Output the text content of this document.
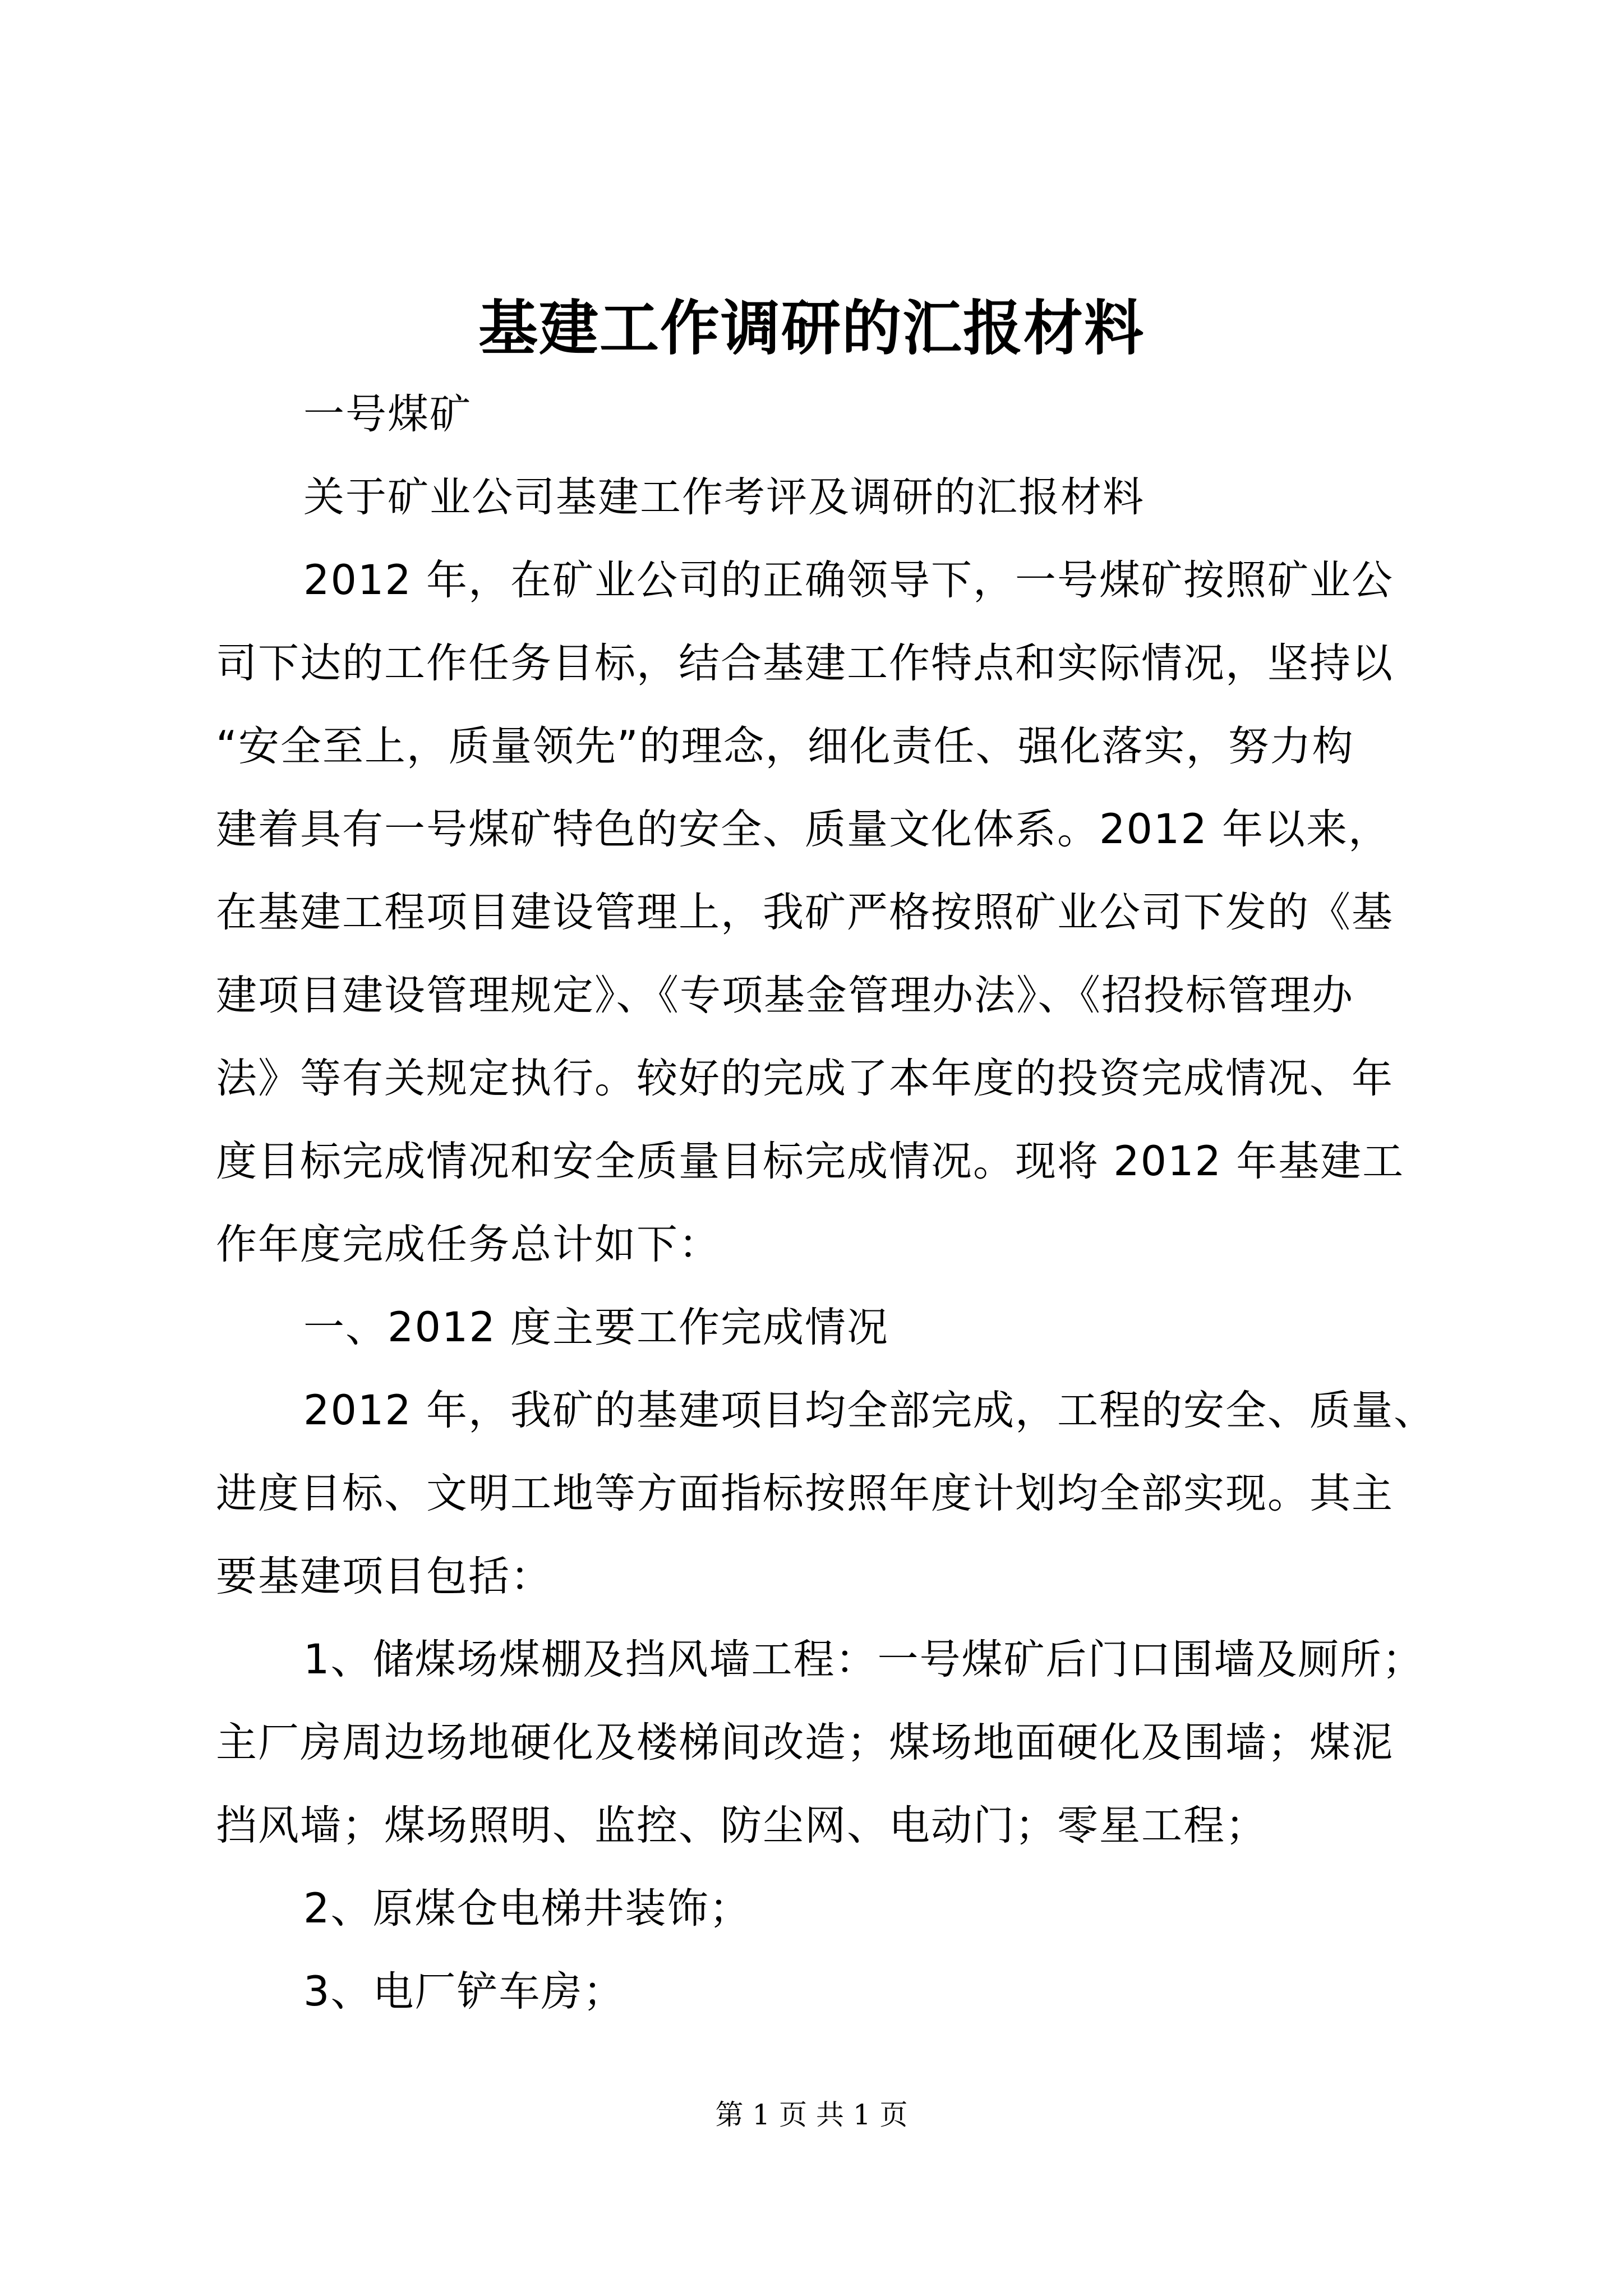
基建工作调研的汇报材料
一号煤矿
关于矿业公司基建工作考评及调研的汇报材料
2012 年，在矿业公司的正确领导下，一号煤矿按照矿业公
司下达的工作任务目标，结合基建工作特点和实际情况，坚持以
“安全至上，质量领先”的理念，细化责任、强化落实，努力构
建着具有一号煤矿特色的安全、质量文化体系。2012 年以来，
在基建工程项目建设管理上，我矿严格按照矿业公司下发的《基
建项目建设管理规定》、《专项基金管理办法》、《招投标管理办
法》等有关规定执行。较好的完成了本年度的投资完成情况、年
度目标完成情况和安全质量目标完成情况。现将 2012 年基建工
作年度完成任务总计如下：
一、2012 度主要工作完成情况
2012 年，我矿的基建项目均全部完成，工程的安全、质量、
进度目标、文明工地等方面指标按照年度计划均全部实现。其主
要基建项目包括：
1、储煤场煤棚及挡风墙工程：一号煤矿后门口围墙及厕所；
主厂房周边场地硬化及楼梯间改造；煤场地面硬化及围墙；煤泥
挡风墙；煤场照明、监控、防尘网、电动门；零星工程；
2、原煤仓电梯井装饰；
3、电厂铲车房；
第 1 页 共 1 页
